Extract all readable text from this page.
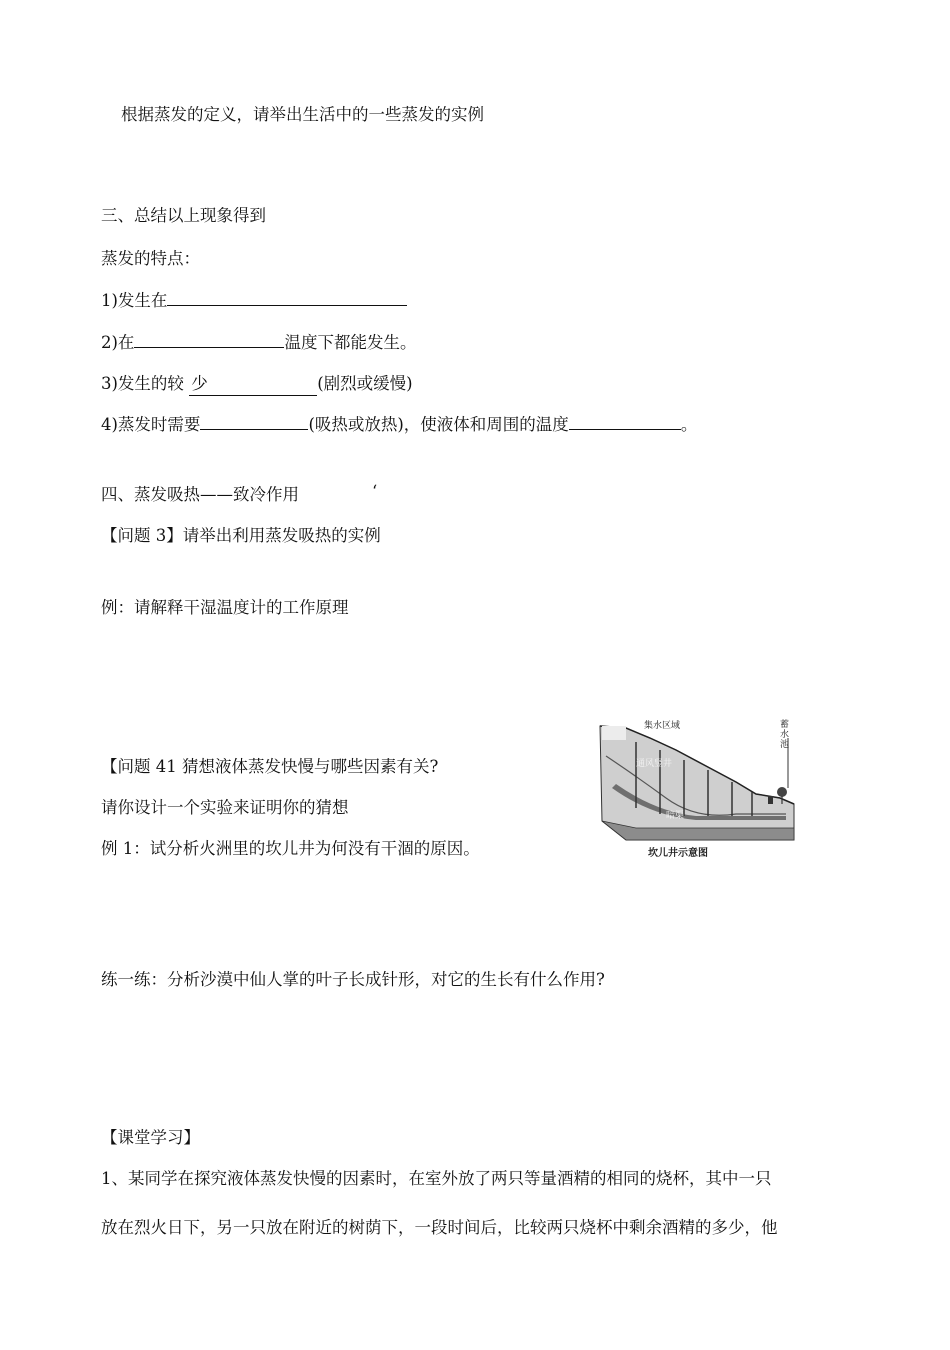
根据蒸发的定义，请举出生活中的一些蒸发的实例
三、总结以上现象得到
蒸发的特点：
1)发生在
2)在	温度下都能发生。
3)发生的较 少	(剧烈或缓慢)
4)蒸发时需要	(吸热或放热)，使液体和周围的温度	。
四、蒸发吸热——致冷作用	‘
【问题 3】请举出利用蒸发吸热的实例
例：请解释干湿温度计的工作原理
【问题 41 猜想液体蒸发快慢与哪些因素有关?
请你设计一个实验来证明你的猜想
例 1：试分析火洲里的坎儿井为何没有干涸的原因。
集水区域
通风竖井
蓄水池
暗渠
坎儿井示意图
练一练：分析沙漠中仙人掌的叶子长成针形，对它的生长有什么作用?
【课堂学习】
1、某同学在探究液体蒸发快慢的因素时，在室外放了两只等量酒精的相同的烧杯，其中一只
放在烈火日下，另一只放在附近的树荫下，一段时间后，比较两只烧杯中剩余酒精的多少，他
